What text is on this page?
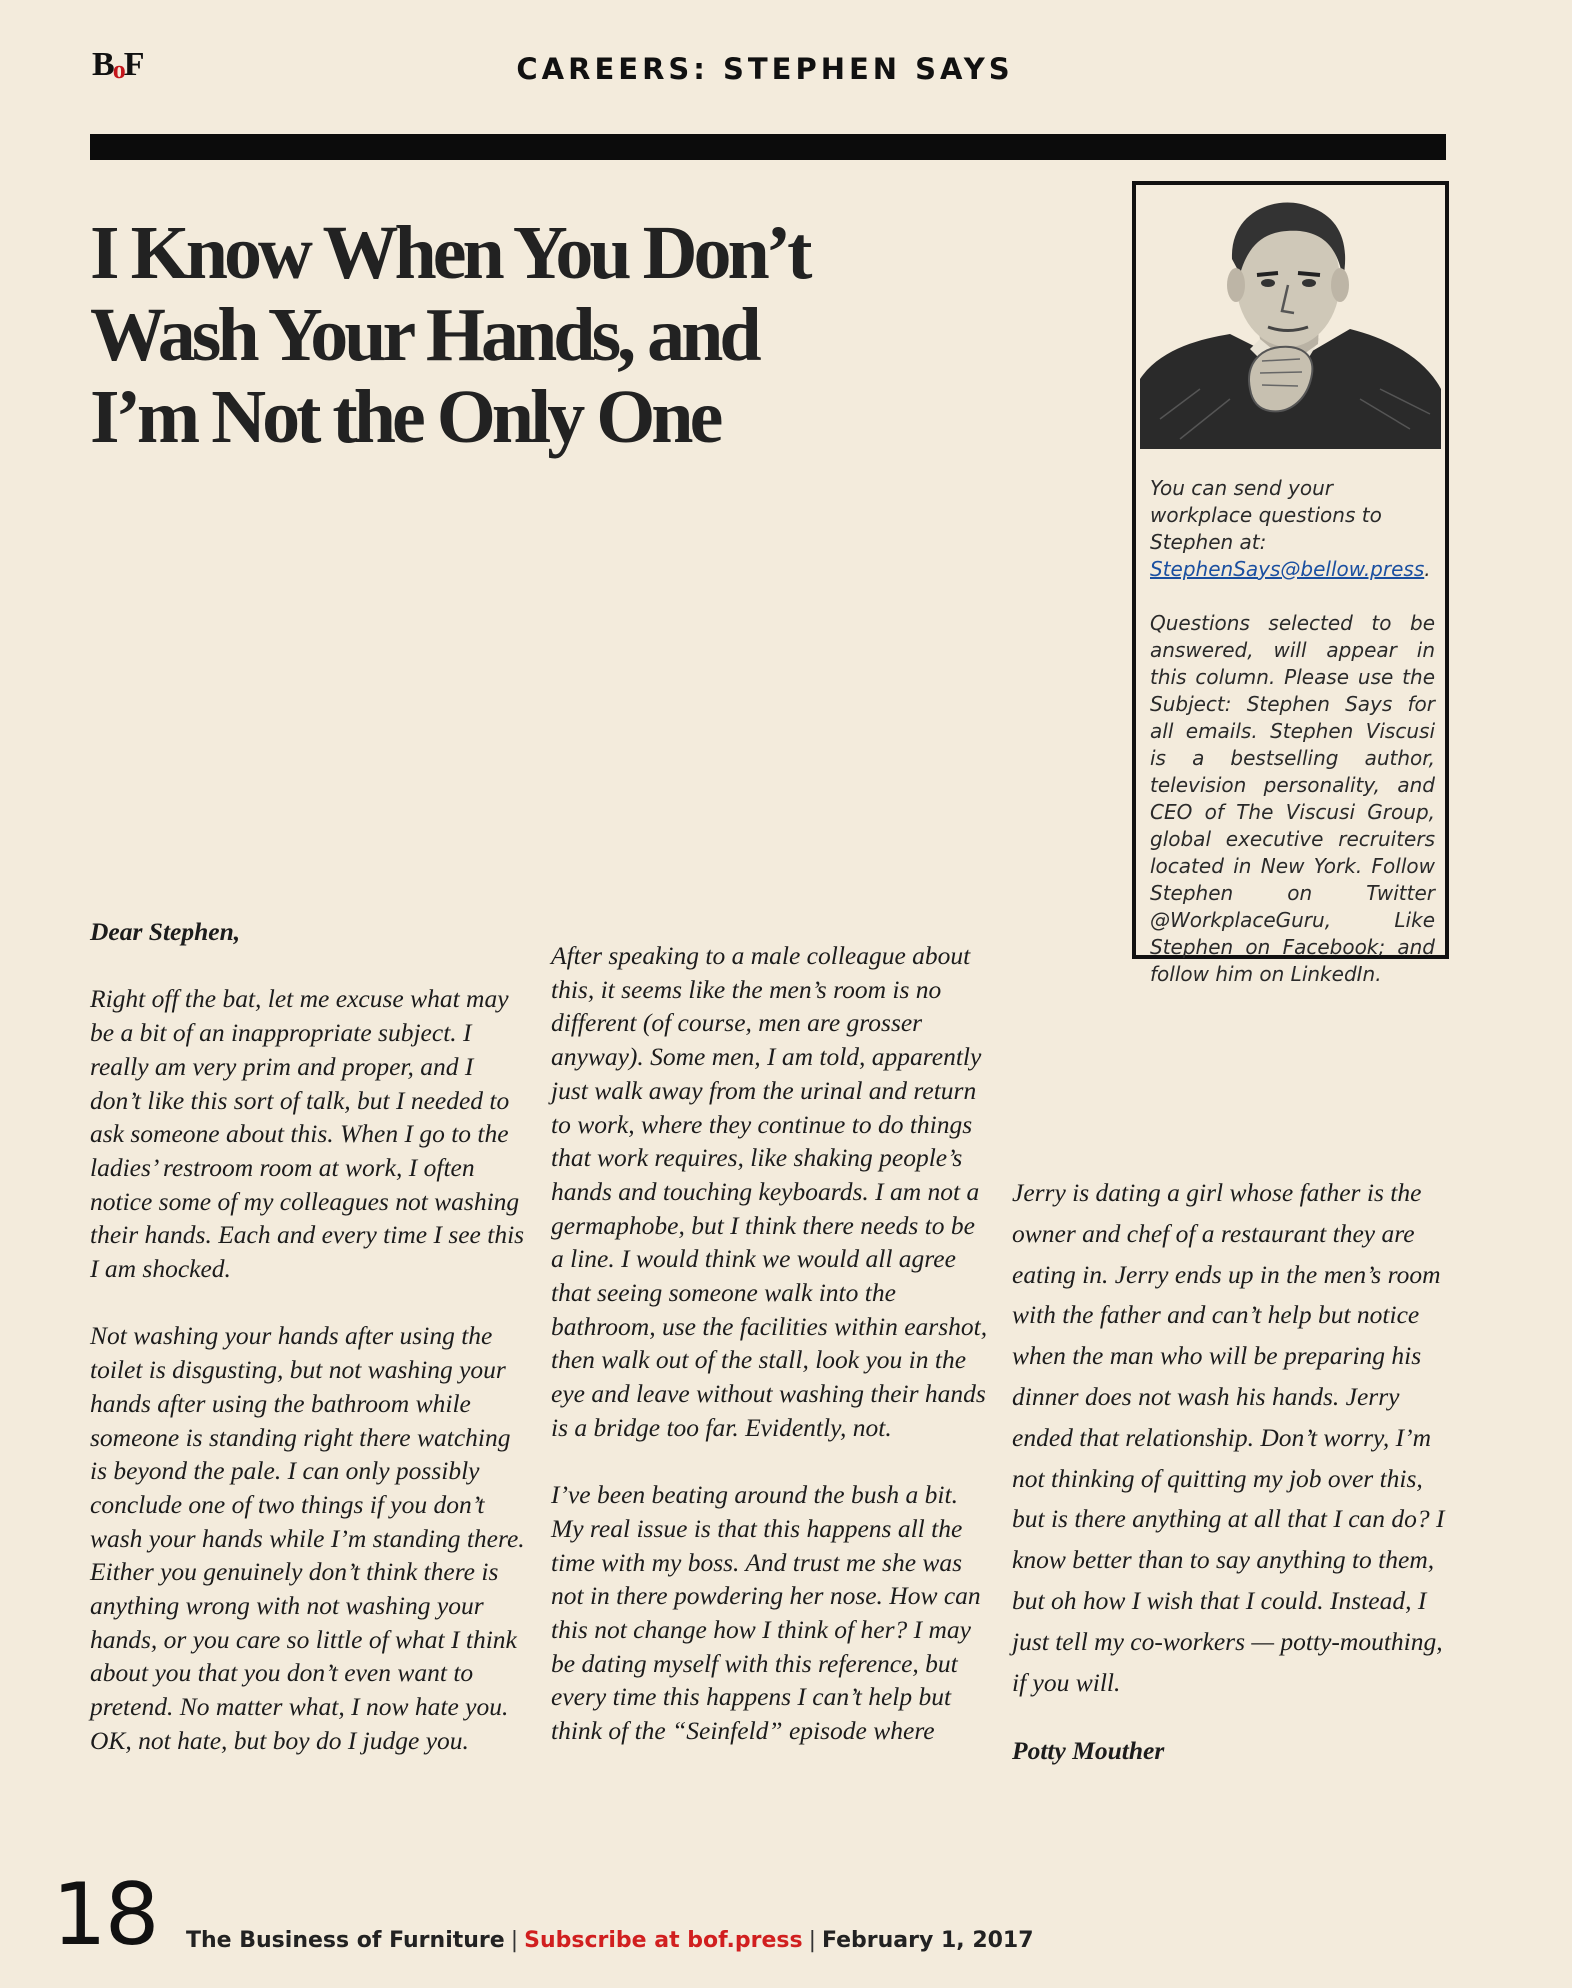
BoF	CAREERS: STEPHEN SAYS
I Know When You Don’t Wash Your Hands, and I’m Not the Only One

You can send your workplace questions to Stephen at: StephenSays@bellow.press.

Questions selected to be answered, will appear in this column. Please use the Subject: Stephen Says for all emails. Stephen Viscusi is a bestselling author, television personality, and CEO of The Viscusi Group, global executive recruiters located in New York. Follow Stephen on Twitter @WorkplaceGuru, Like Stephen on Facebook; and follow him on LinkedIn.

Dear Stephen,

Right off the bat, let me excuse what may be a bit of an inappropriate subject. I really am very prim and proper, and I don’t like this sort of talk, but I needed to ask someone about this. When I go to the ladies’ restroom room at work, I often notice some of my colleagues not washing their hands. Each and every time I see this I am shocked.

Not washing your hands after using the toilet is disgusting, but not washing your hands after using the bathroom while someone is standing right there watching is beyond the pale. I can only possibly conclude one of two things if you don’t wash your hands while I’m standing there. Either you genuinely don’t think there is anything wrong with not washing your hands, or you care so little of what I think about you that you don’t even want to pretend. No matter what, I now hate you. OK, not hate, but boy do I judge you.

After speaking to a male colleague about this, it seems like the men’s room is no different (of course, men are grosser anyway). Some men, I am told, apparently just walk away from the urinal and return to work, where they continue to do things that work requires, like shaking people’s hands and touching keyboards. I am not a germaphobe, but I think there needs to be a line. I would think we would all agree that seeing someone walk into the bathroom, use the facilities within earshot, then walk out of the stall, look you in the eye and leave without washing their hands is a bridge too far. Evidently, not.

I’ve been beating around the bush a bit. My real issue is that this happens all the time with my boss. And trust me she was not in there powdering her nose. How can this not change how I think of her? I may be dating myself with this reference, but every time this happens I can’t help but think of the “Seinfeld” episode where

Jerry is dating a girl whose father is the owner and chef of a restaurant they are eating in. Jerry ends up in the men’s room with the father and can’t help but notice when the man who will be preparing his dinner does not wash his hands. Jerry ended that relationship. Don’t worry, I’m not thinking of quitting my job over this, but is there anything at all that I can do? I know better than to say anything to them, but oh how I wish that I could. Instead, I just tell my co-workers — potty-mouthing, if you will.

Potty Mouther

18 The Business of Furniture | Subscribe at bof.press | February 1, 2017
